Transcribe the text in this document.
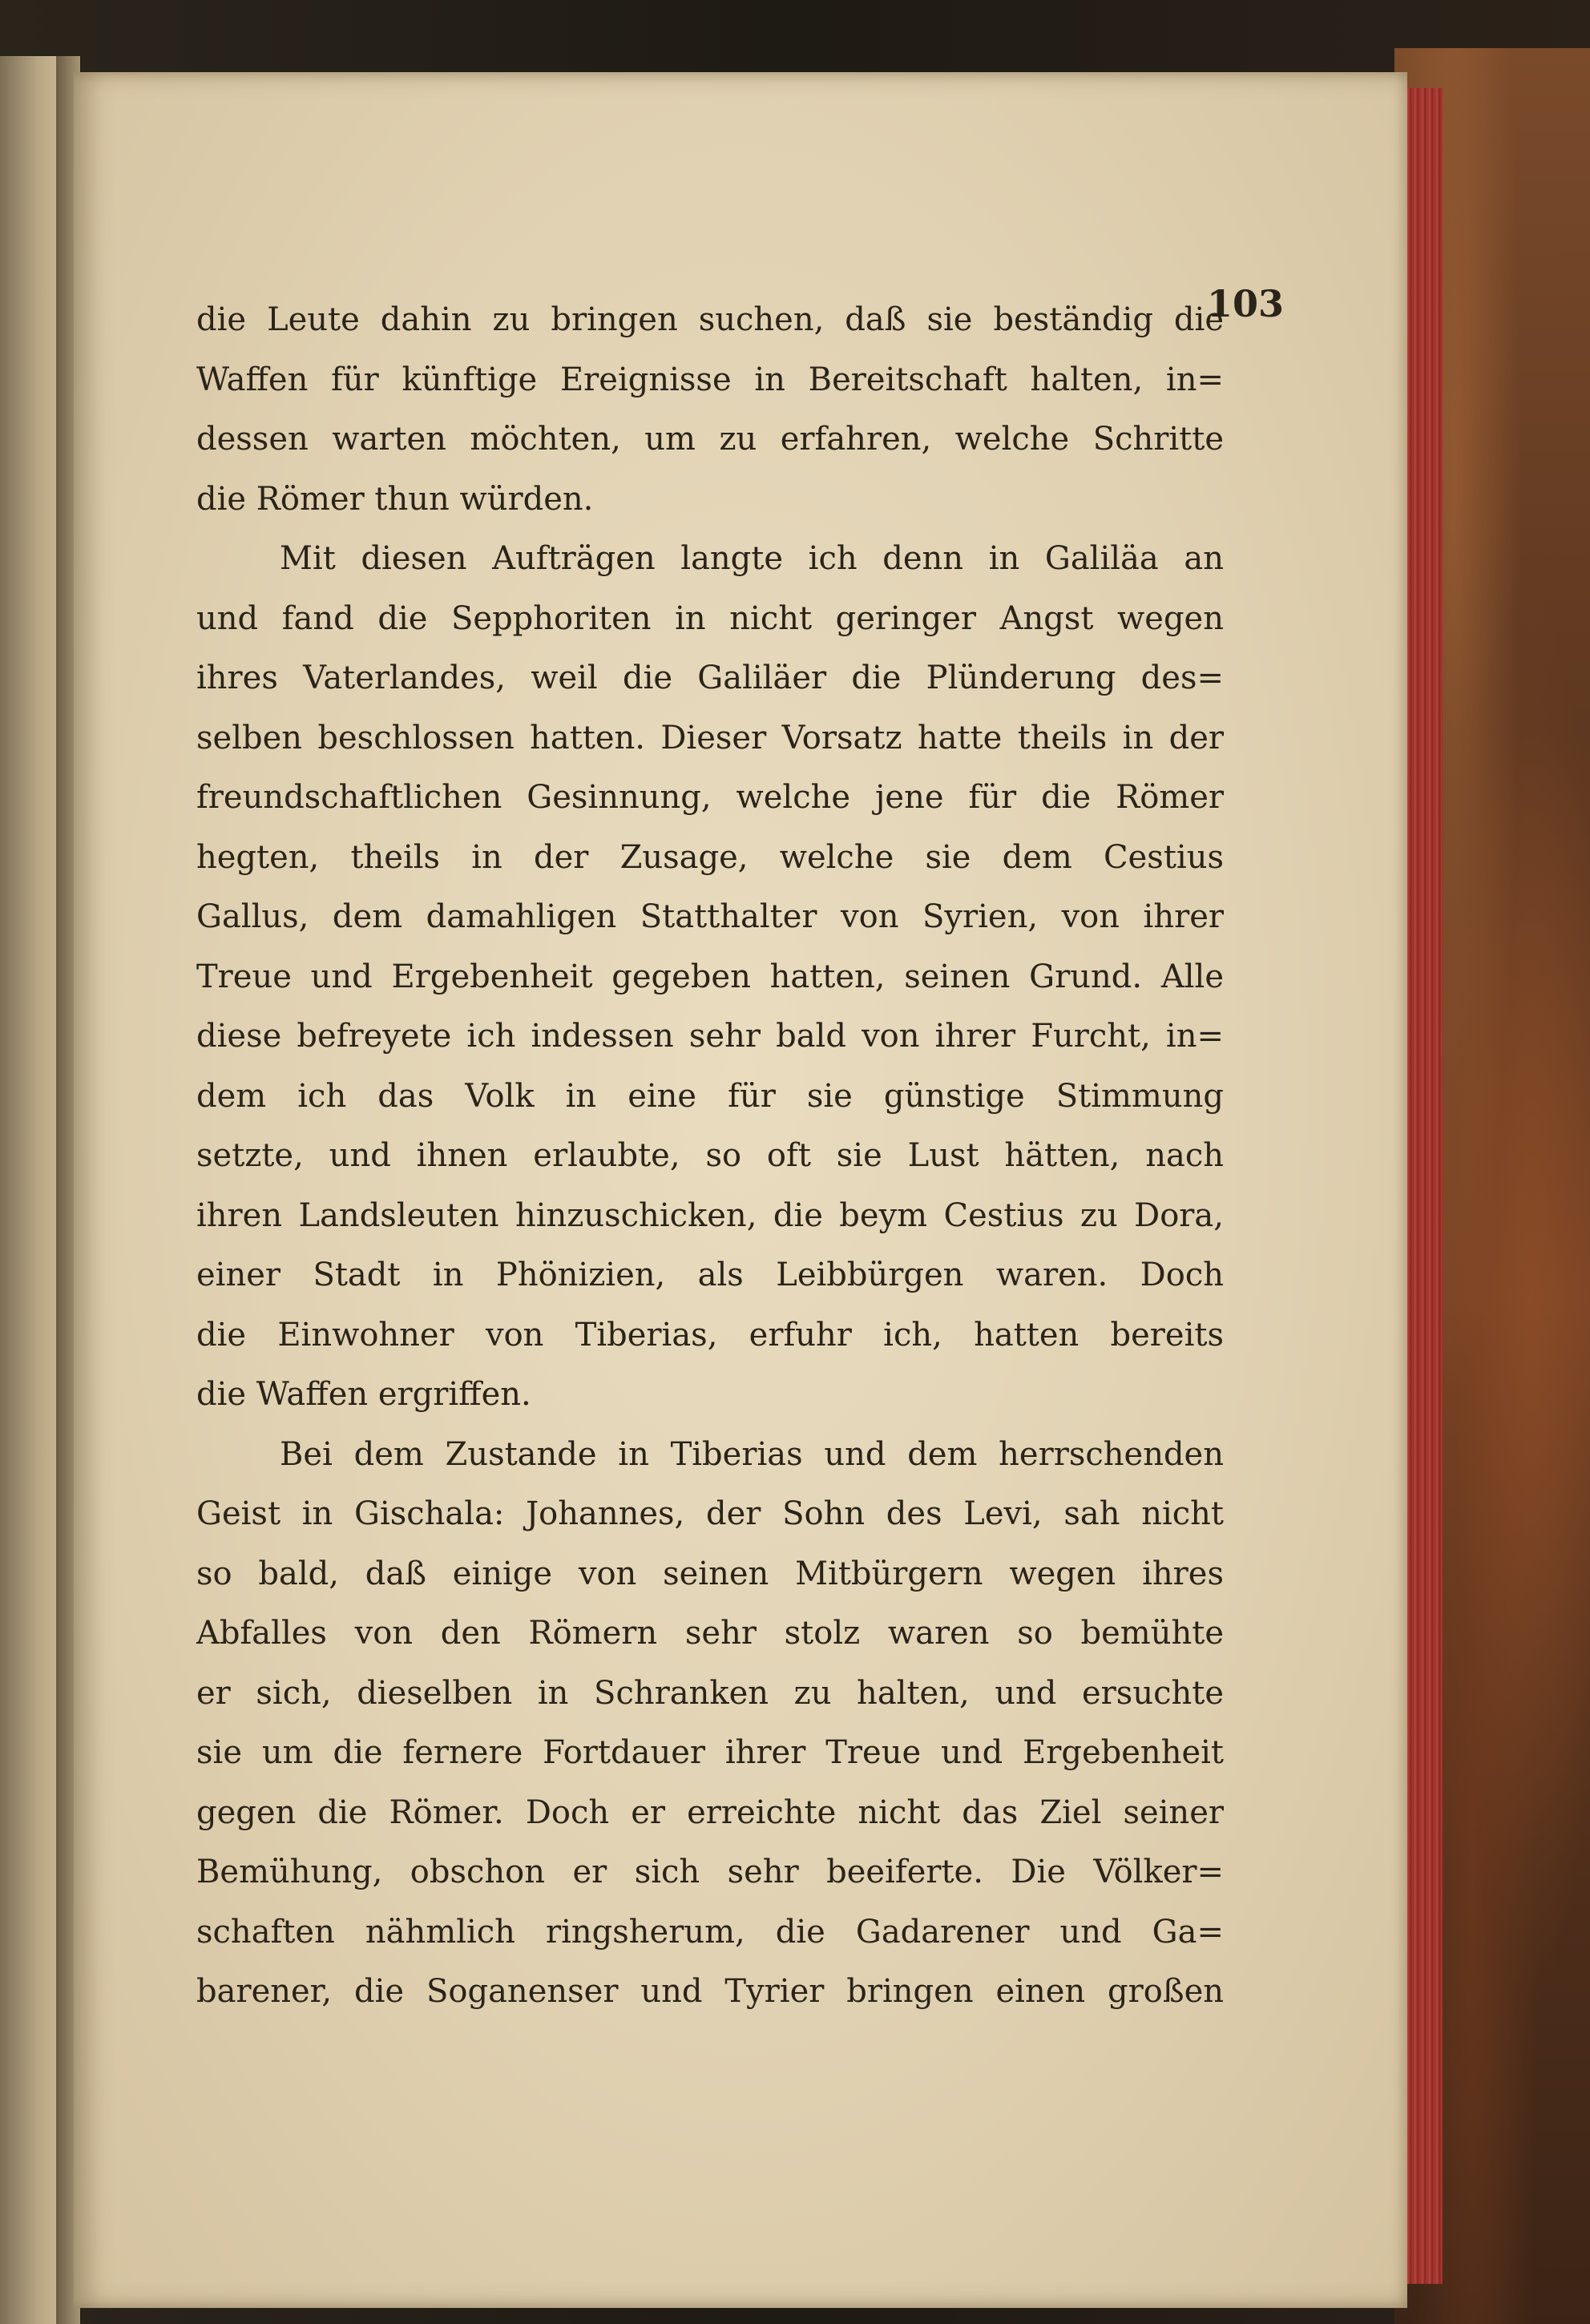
103
die Leute dahin zu bringen suchen, daß sie beständig die
Waffen für künftige Ereignisse in Bereitschaft halten, in=
dessen warten möchten, um zu erfahren, welche Schritte
die Römer thun würden.
Mit diesen Aufträgen langte ich denn in Galiläa an
und fand die Sepphoriten in nicht geringer Angst wegen
ihres Vaterlandes, weil die Galiläer die Plünderung des=
selben beschlossen hatten. Dieser Vorsatz hatte theils in der
freundschaftlichen Gesinnung, welche jene für die Römer
hegten, theils in der Zusage, welche sie dem Cestius
Gallus, dem damahligen Statthalter von Syrien, von ihrer
Treue und Ergebenheit gegeben hatten, seinen Grund. Alle
diese befreyete ich indessen sehr bald von ihrer Furcht, in=
dem ich das Volk in eine für sie günstige Stimmung
setzte, und ihnen erlaubte, so oft sie Lust hätten, nach
ihren Landsleuten hinzuschicken, die beym Cestius zu Dora,
einer Stadt in Phönizien, als Leibbürgen waren. Doch
die Einwohner von Tiberias, erfuhr ich, hatten bereits
die Waffen ergriffen.
Bei dem Zustande in Tiberias und dem herrschenden
Geist in Gischala: Johannes, der Sohn des Levi, sah nicht
so bald, daß einige von seinen Mitbürgern wegen ihres
Abfalles von den Römern sehr stolz waren so bemühte
er sich, dieselben in Schranken zu halten, und ersuchte
sie um die fernere Fortdauer ihrer Treue und Ergebenheit
gegen die Römer. Doch er erreichte nicht das Ziel seiner
Bemühung, obschon er sich sehr beeiferte. Die Völker=
schaften nähmlich ringsherum, die Gadarener und Ga=
barener, die Soganenser und Tyrier bringen einen großen
